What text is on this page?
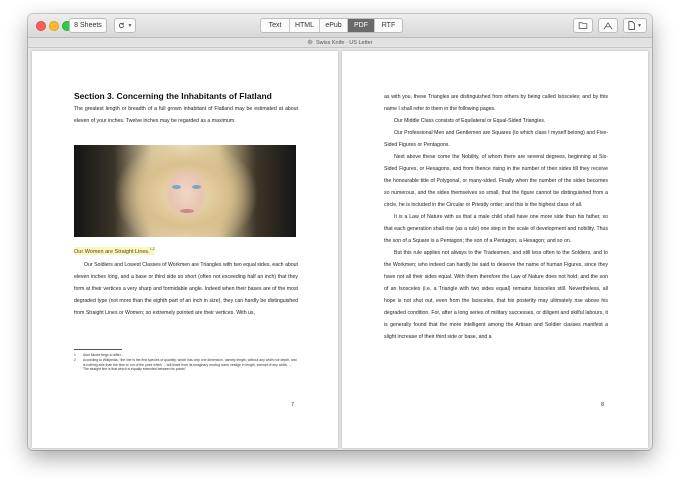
8 Sheets	▼	Text	HTML	ePub	PDF	RTF	▼
Swiss Knife · US Letter
Section 3. Concerning the Inhabitants of Flatland
The greatest length or breadth of a full grown inhabitant of Flatland may be estimated at about eleven of your inches. Twelve inches may be regarded as a maximum.
Our Women are Straight Lines.$^{1,2}$
Our Soldiers and Lowest Classes of Workmen are Triangles with two equal sides, each about eleven inches long, and a base or third side so short (often not exceeding half an inch) that they form at their vertices a very sharp and formidable angle. Indeed when their bases are of the most degraded type (not more than the eighth part of an inch in size), they can hardly be distinguished from Straight Lines or Women; so extremely pointed are their vertices. With us,
1	Alan Moore begs to differ...
2	According to Wikipedia, "the line is the first species of quantity, which has only one dimension, namely length, without any width nor depth, and is nothing else than the flow or run of the point which ... will leave from its imaginary moving some vestige in length, exempt of any width. ... The straight line is that which is equally extended between its points"
7

as with you, these Triangles are distinguished from others by being called Isosceles; and by this name I shall refer to them in the following pages.

Our Middle Class consists of Equilateral or Equal-Sided Triangles.

Our Professional Men and Gentlemen are Squares (to which class I myself belong) and Five-Sided Figures or Pentagons.

Next above these come the Nobility, of whom there are several degrees, beginning at Six-Sided Figures, or Hexagons, and from thence rising in the number of their sides till they receive the honourable title of Polygonal, or many-sided. Finally when the number of the sides becomes so numerous, and the sides themselves so small, that the figure cannot be distinguished from a circle, he is included in the Circular or Priestly order; and this is the highest class of all.

It is a Law of Nature with us that a male child shall have one more side than his father, so that each generation shall rise (as a rule) one step in the scale of development and nobility. Thus the son of a Square is a Pentagon; the son of a Pentagon, a Hexagon; and so on.

But this rule applies not always to the Tradesmen, and still less often to the Soldiers, and to the Workmen; who indeed can hardly be said to deserve the name of human Figures, since they have not all their sides equal. With them therefore the Law of Nature does not hold; and the son of an Isosceles (i.e. a Triangle with two sides equal) remains Isosceles still. Nevertheless, all hope is not shut out, even from the Isosceles, that his posterity may ultimately rise above his degraded condition. For, after a long series of military successes, or diligent and skilful labours, it is generally found that the more intelligent among the Artisan and Soldier classes manifest a slight increase of their third side or base, and a

8
